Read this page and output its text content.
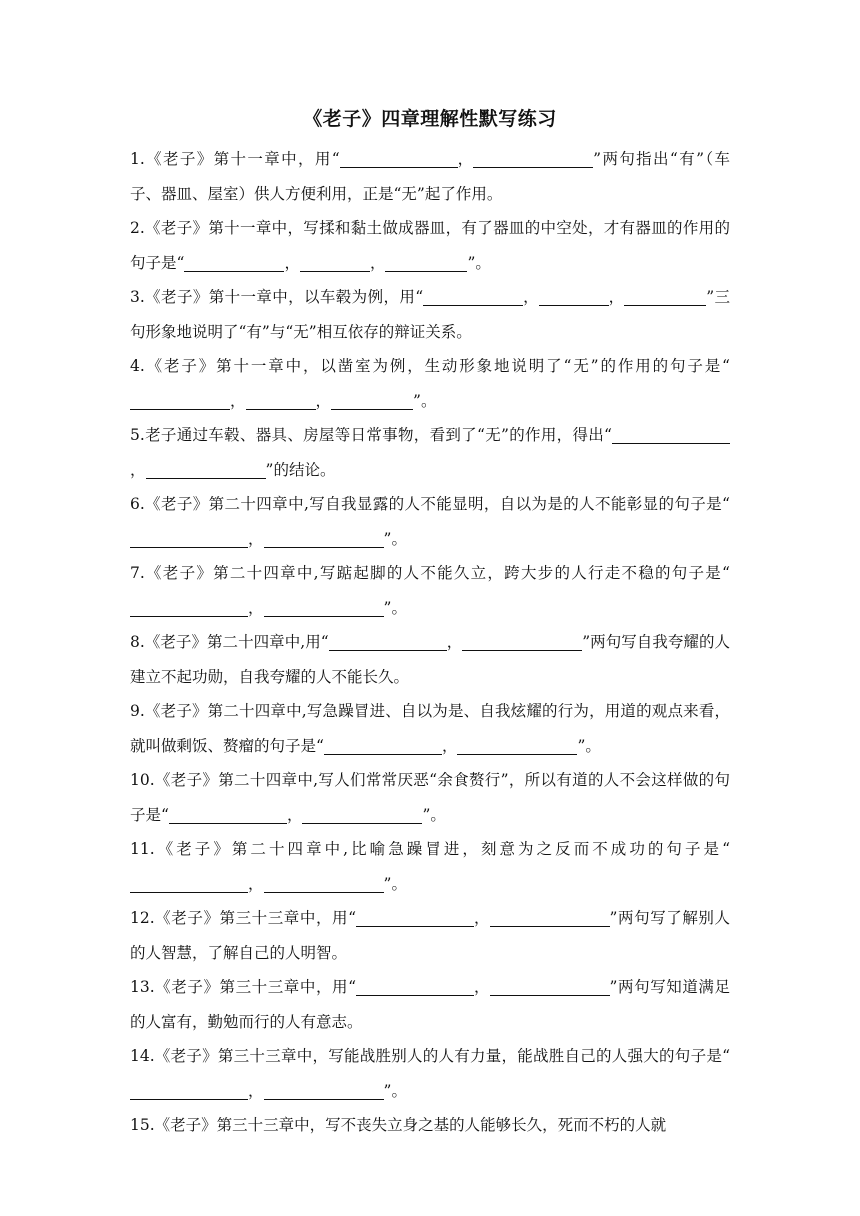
《老子》四章理解性默写练习

1.《老子》第十一章中，用“	，	”两句指出“有”（车子、器皿、屋室）供人方便利用，正是“无”起了作用。

2.《老子》第十一章中，写揉和黏土做成器皿，有了器皿的中空处，才有器皿的作用的句子是“	，	，	”。

3.《老子》第十一章中，以车毂为例，用“	，	，	”三句形象地说明了“有”与“无”相互依存的辩证关系。

4.《老子》第十一章中，以凿室为例，生动形象地说明了“无”的作用的句子是“，	，	”。

5.老子通过车毂、器具、房屋等日常事物，看到了“无”的作用，得出“，	”的结论。

6.《老子》第二十四章中,写自我显露的人不能显明，自以为是的人不能彰显的句子是“，	”。

7.《老子》第二十四章中,写踮起脚的人不能久立，跨大步的人行走不稳的句子是“，	”。

8.《老子》第二十四章中,用“	，	”两句写自我夸耀的人建立不起功勋，自我夸耀的人不能长久。

9.《老子》第二十四章中,写急躁冒进、自以为是、自我炫耀的行为，用道的观点来看，就叫做剩饭、赘瘤的句子是“	，	”。

10.《老子》第二十四章中,写人们常常厌恶“余食赘行”，所以有道的人不会这样做的句子是“	，	”。

11.《老子》第二十四章中,比喻急躁冒进，刻意为之反而不成功的句子是“，	”。

12.《老子》第三十三章中，用“	，	”两句写了解别人的人智慧，了解自己的人明智。

13.《老子》第三十三章中，用“	，	”两句写知道满足的人富有，勤勉而行的人有意志。

14.《老子》第三十三章中，写能战胜别人的人有力量，能战胜自己的人强大的句子是“，	”。

15.《老子》第三十三章中，写不丧失立身之基的人能够长久，死而不朽的人就
